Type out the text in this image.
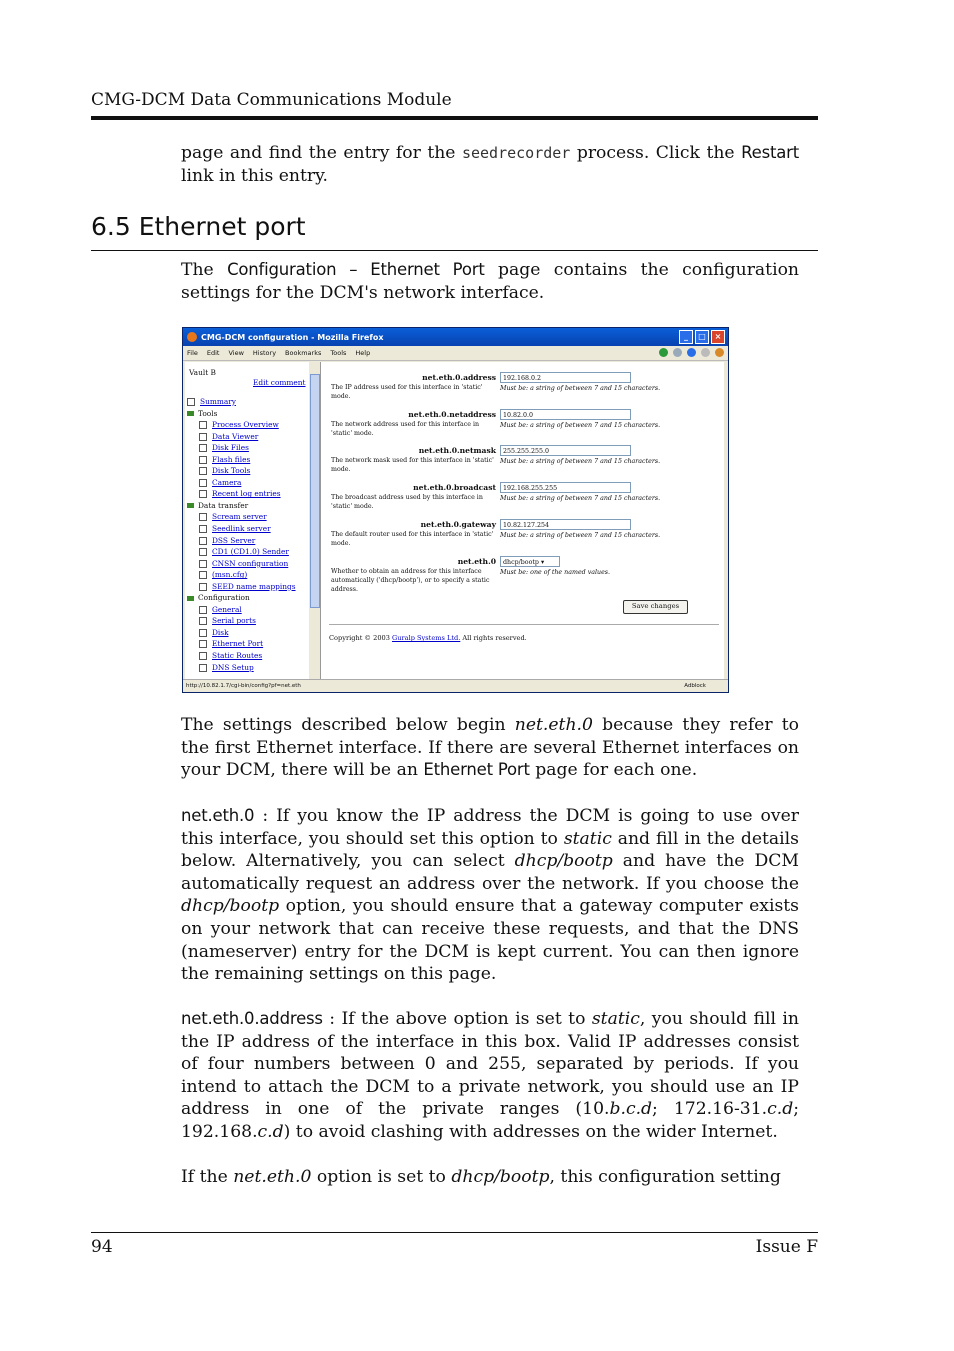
CMG-DCM Data Communications Module
page and find the entry for the seedrecorder process. Click the Restart link in this entry.
6.5 Ethernet port
The Configuration – Ethernet Port page contains the configuration settings for the DCM's network interface.
CMG-DCM configuration - Mozilla Firefox	_	□	×
File Edit View History Bookmarks Tools Help
Vault B
Edit comment
Summary
Tools
Process Overview
Data Viewer
Disk Files
Flash files
Disk Tools
Camera
Recent log entries
Data transfer
Scream server
Seedlink server
DSS Server
CD1 (CD1.0) Sender
CNSN configuration
(msn.cfg)
SEED name mappings
Configuration
General
Serial ports
Disk
Ethernet Port
Static Routes
DNS Setup
Save changes
Copyright © 2003 Guralp Systems Ltd. All rights reserved.
net.eth.0.address
The IP address used for this interface in 'static' mode.
192.168.0.2
Must be: a string of between 7 and 15 characters.
net.eth.0.netaddress
The network address used for this interface in 'static' mode.
10.82.0.0
Must be: a string of between 7 and 15 characters.
net.eth.0.netmask
The network mask used for this interface in 'static' mode.
255.255.255.0
Must be: a string of between 7 and 15 characters.
net.eth.0.broadcast
The broadcast address used by this interface in 'static' mode.
192.168.255.255
Must be: a string of between 7 and 15 characters.
net.eth.0.gateway
The default router used for this interface in 'static' mode.
10.82.127.254
Must be: a string of between 7 and 15 characters.
net.eth.0
Whether to obtain an address for this interface automatically ('dhcp/bootp'), or to specify a static address.
dhcp/bootp ▾
Must be: one of the named values.
http://10.82.1.7/cgi-bin/config?pf=net.eth	Adblock
The settings described below begin net.eth.0 because they refer to the first Ethernet interface. If there are several Ethernet interfaces on your DCM, there will be an Ethernet Port page for each one.
net.eth.0 : If you know the IP address the DCM is going to use over this interface, you should set this option to static and fill in the details below. Alternatively, you can select dhcp/bootp and have the DCM automatically request an address over the network. If you choose the dhcp/bootp option, you should ensure that a gateway computer exists on your network that can receive these requests, and that the DNS (nameserver) entry for the DCM is kept current. You can then ignore the remaining settings on this page.
net.eth.0.address : If the above option is set to static, you should fill in the IP address of the interface in this box. Valid IP addresses consist of four numbers between 0 and 255, separated by periods. If you intend to attach the DCM to a private network, you should use an IP address in one of the private ranges (10.b.c.d; 172.16-31.c.d; 192.168.c.d) to avoid clashing with addresses on the wider Internet.
If the net.eth.0 option is set to dhcp/bootp, this configuration setting
94	Issue F
